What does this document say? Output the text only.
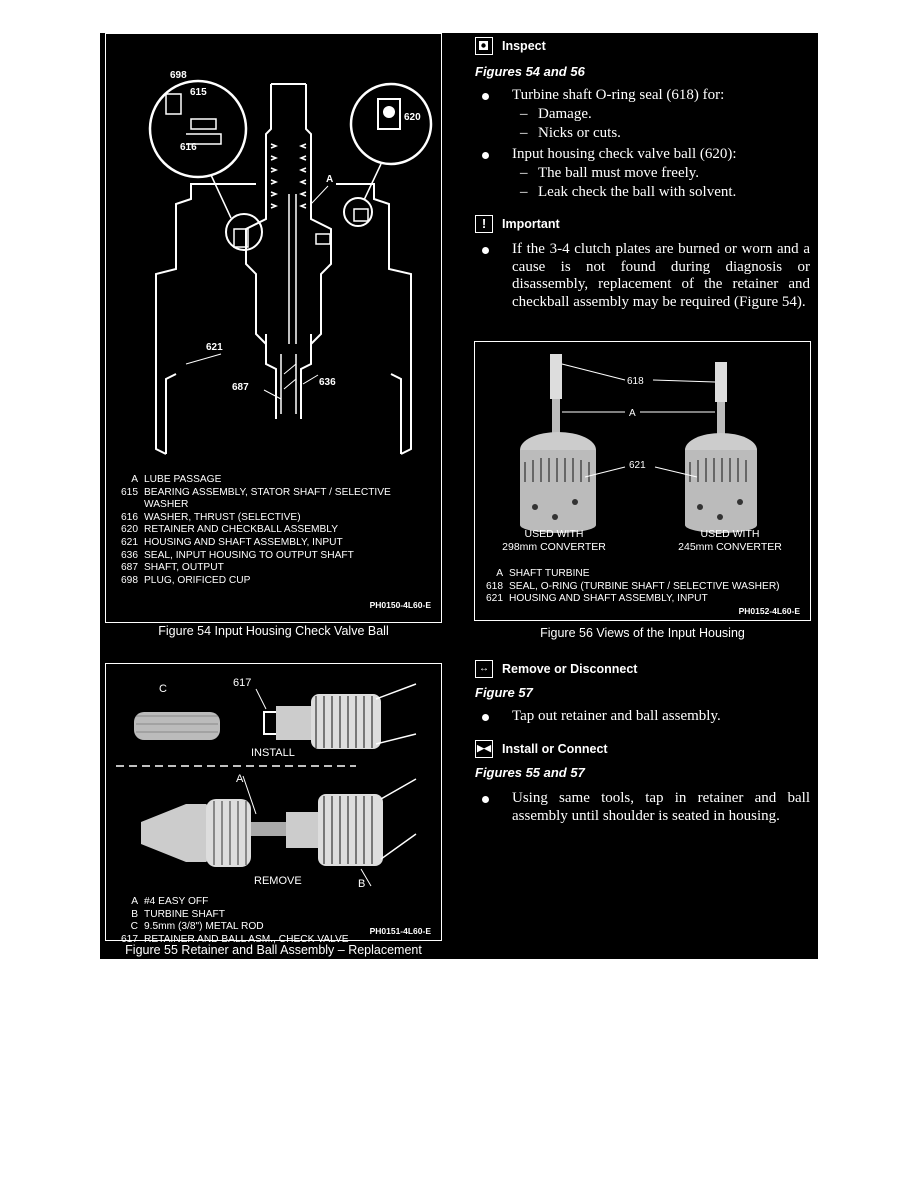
698
615
616
620
A
621
687	636
A LUBE PASSAGE
615 BEARING ASSEMBLY, STATOR SHAFT / SELECTIVE
WASHER
616 WASHER, THRUST (SELECTIVE)
620 RETAINER AND CHECKBALL ASSEMBLY
621 HOUSING AND SHAFT ASSEMBLY, INPUT
636 SEAL, INPUT HOUSING TO OUTPUT SHAFT
687 SHAFT, OUTPUT
698 PLUG, ORIFICED CUP
PH0150-4L60-E
Figure 54 Input Housing Check Valve Ball
C	617
INSTALL
A
REMOVE	B
A #4 EASY OFF
B TURBINE SHAFT
C 9.5mm (3/8") METAL ROD
617 RETAINER AND BALL ASM., CHECK VALVE
PH0151-4L60-E
Figure 55 Retainer and Ball Assembly – Replacement
Inspect
Figures 54 and 56
Turbine shaft O-ring seal (618) for:
– Damage.
– Nicks or cuts.
Input housing check valve ball (620):
– The ball must move freely.
– Leak check the ball with solvent.
!	Important
If the 3-4 clutch plates are burned or worn and a cause is not found during diagnosis or disassembly, replacement of the retainer and checkball assembly may be required (Figure 54).
618
A
621
USED WITH
298mm CONVERTER
USED WITH
245mm CONVERTER
A SHAFT TURBINE
618 SEAL, O-RING (TURBINE SHAFT / SELECTIVE WASHER)
621 HOUSING AND SHAFT ASSEMBLY, INPUT
PH0152-4L60-E
Figure 56 Views of the Input Housing
↔	Remove or Disconnect
Figure 57
Tap out retainer and ball assembly.
▶◀ Install or Connect
Figures 55 and 57
Using same tools, tap in retainer and ball assembly until shoulder is seated in housing.
